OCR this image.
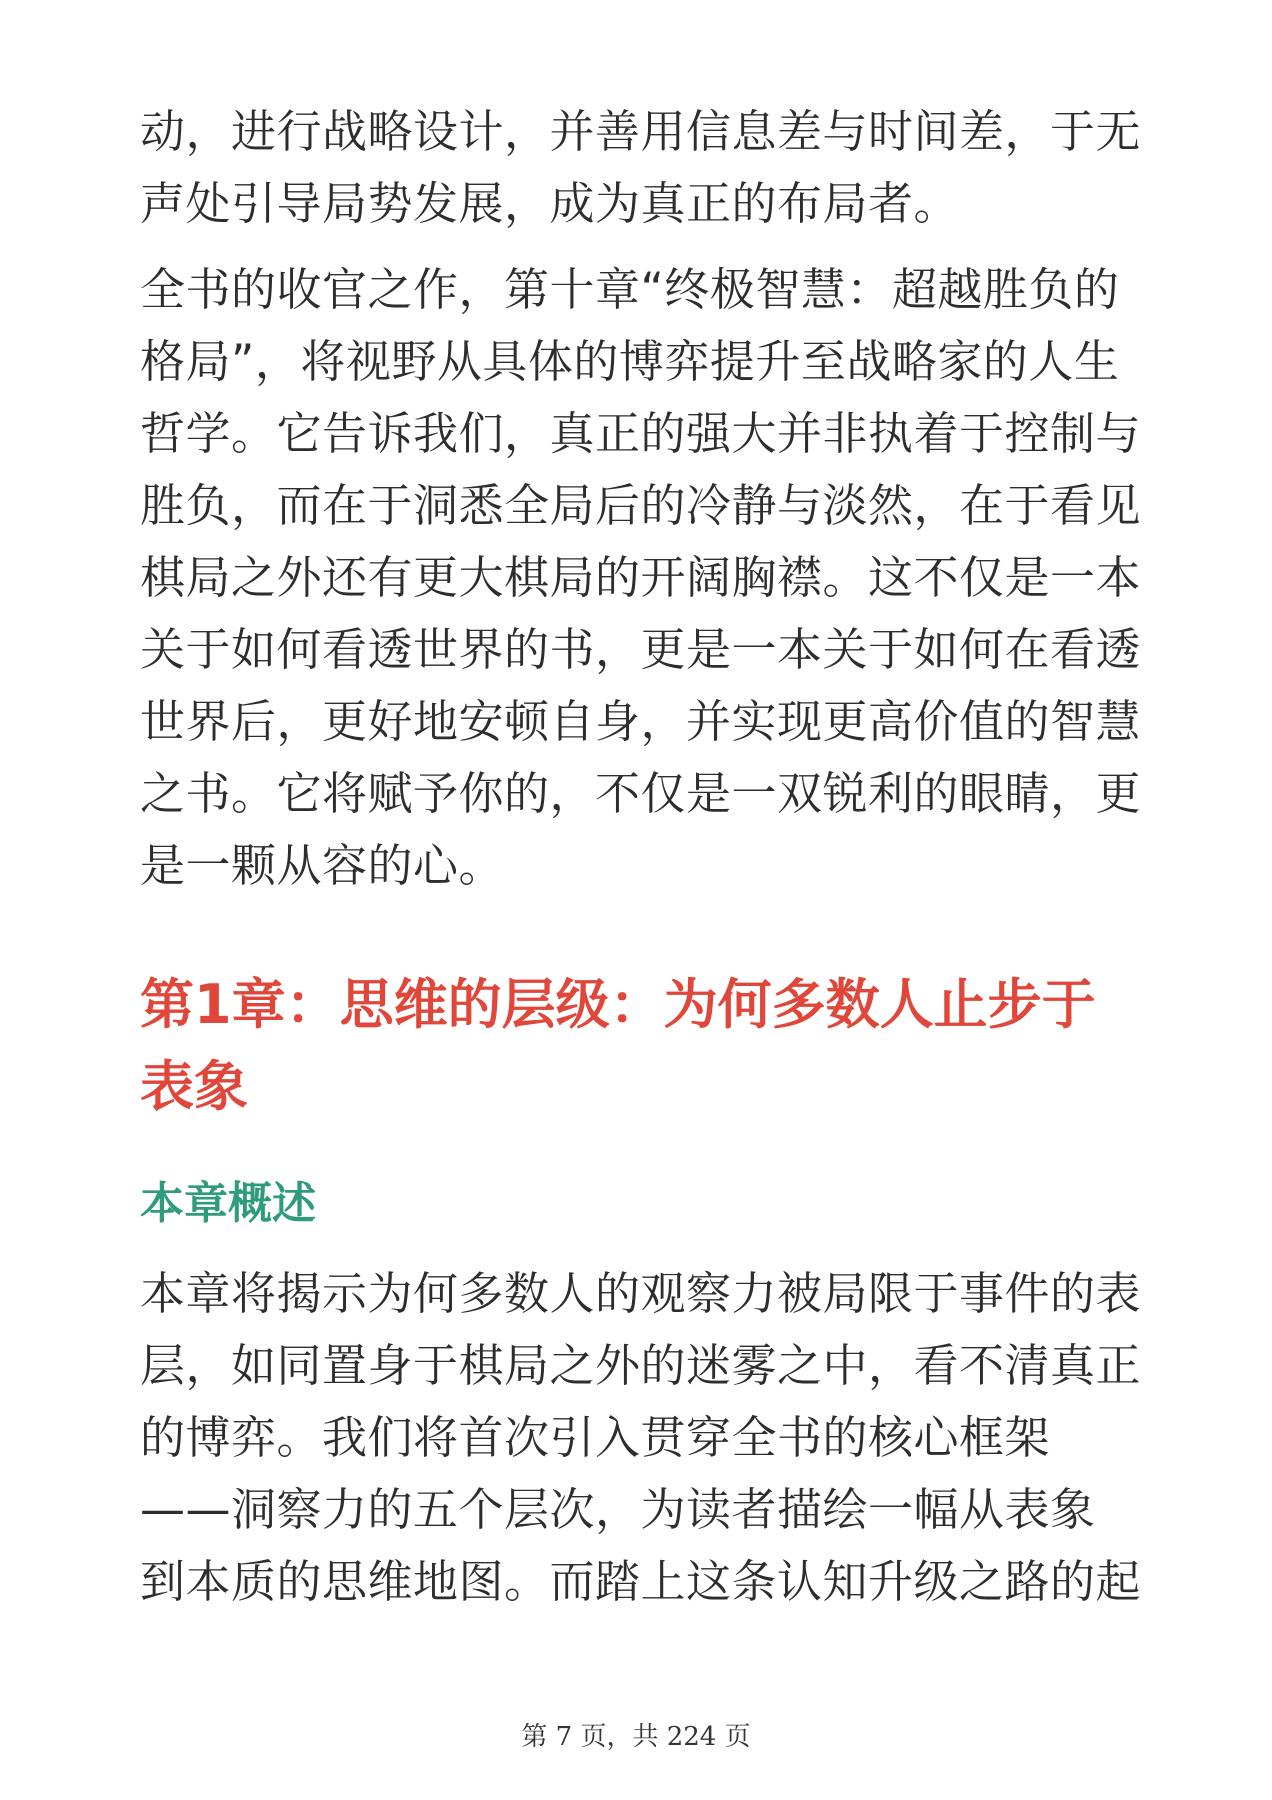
动，进行战略设计，并善用信息差与时间差，于无
声处引导局势发展，成为真正的布局者。

全书的收官之作，第十章“终极智慧：超越胜负的
格局”，将视野从具体的博弈提升至战略家的人生
哲学。它告诉我们，真正的强大并非执着于控制与
胜负，而在于洞悉全局后的冷静与淡然，在于看见
棋局之外还有更大棋局的开阔胸襟。这不仅是一本
关于如何看透世界的书，更是一本关于如何在看透
世界后，更好地安顿自身，并实现更高价值的智慧
之书。它将赋予你的，不仅是一双锐利的眼睛，更
是一颗从容的心。

第1章：思维的层级：为何多数人止步于
表象
本章概述

本章将揭示为何多数人的观察力被局限于事件的表
层，如同置身于棋局之外的迷雾之中，看不清真正
的博弈。我们将首次引入贯穿全书的核心框架
——洞察力的五个层次，为读者描绘一幅从表象
到本质的思维地图。而踏上这条认知升级之路的起

第 7 页，共 224 页
